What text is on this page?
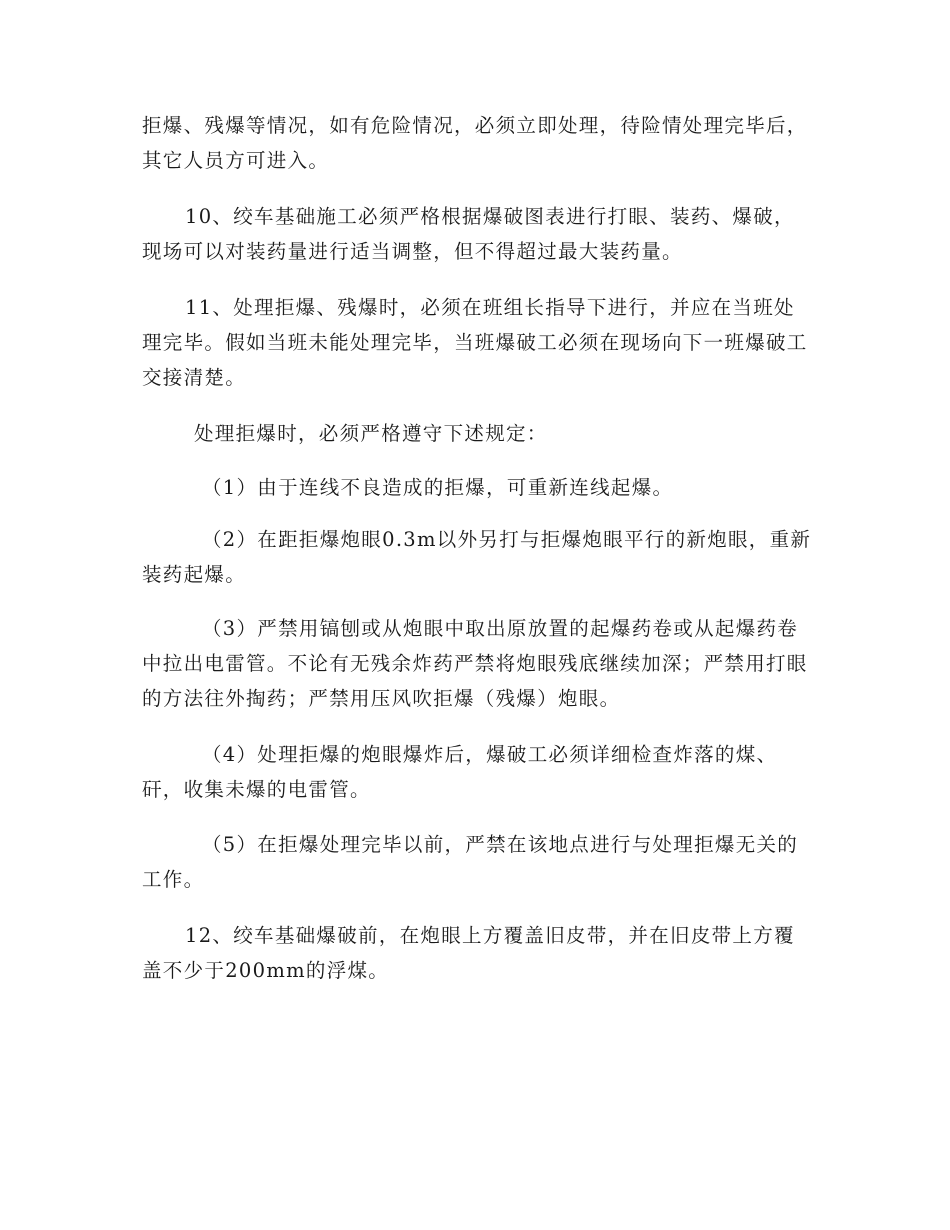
拒爆、残爆等情况，如有危险情况，必须立即处理，待险情处理完毕后，其它人员方可进入。

10、绞车基础施工必须严格根据爆破图表进行打眼、装药、爆破，现场可以对装药量进行适当调整，但不得超过最大装药量。

11、处理拒爆、残爆时，必须在班组长指导下进行，并应在当班处理完毕。假如当班未能处理完毕，当班爆破工必须在现场向下一班爆破工交接清楚。

处理拒爆时，必须严格遵守下述规定：

（1）由于连线不良造成的拒爆，可重新连线起爆。

（2）在距拒爆炮眼0.3m以外另打与拒爆炮眼平行的新炮眼，重新装药起爆。

（3）严禁用镐刨或从炮眼中取出原放置的起爆药卷或从起爆药卷中拉出电雷管。不论有无残余炸药严禁将炮眼残底继续加深；严禁用打眼的方法往外掏药；严禁用压风吹拒爆（残爆）炮眼。

（4）处理拒爆的炮眼爆炸后，爆破工必须详细检查炸落的煤、矸，收集未爆的电雷管。

（5）在拒爆处理完毕以前，严禁在该地点进行与处理拒爆无关的工作。

12、绞车基础爆破前，在炮眼上方覆盖旧皮带，并在旧皮带上方覆盖不少于200mm的浮煤。
